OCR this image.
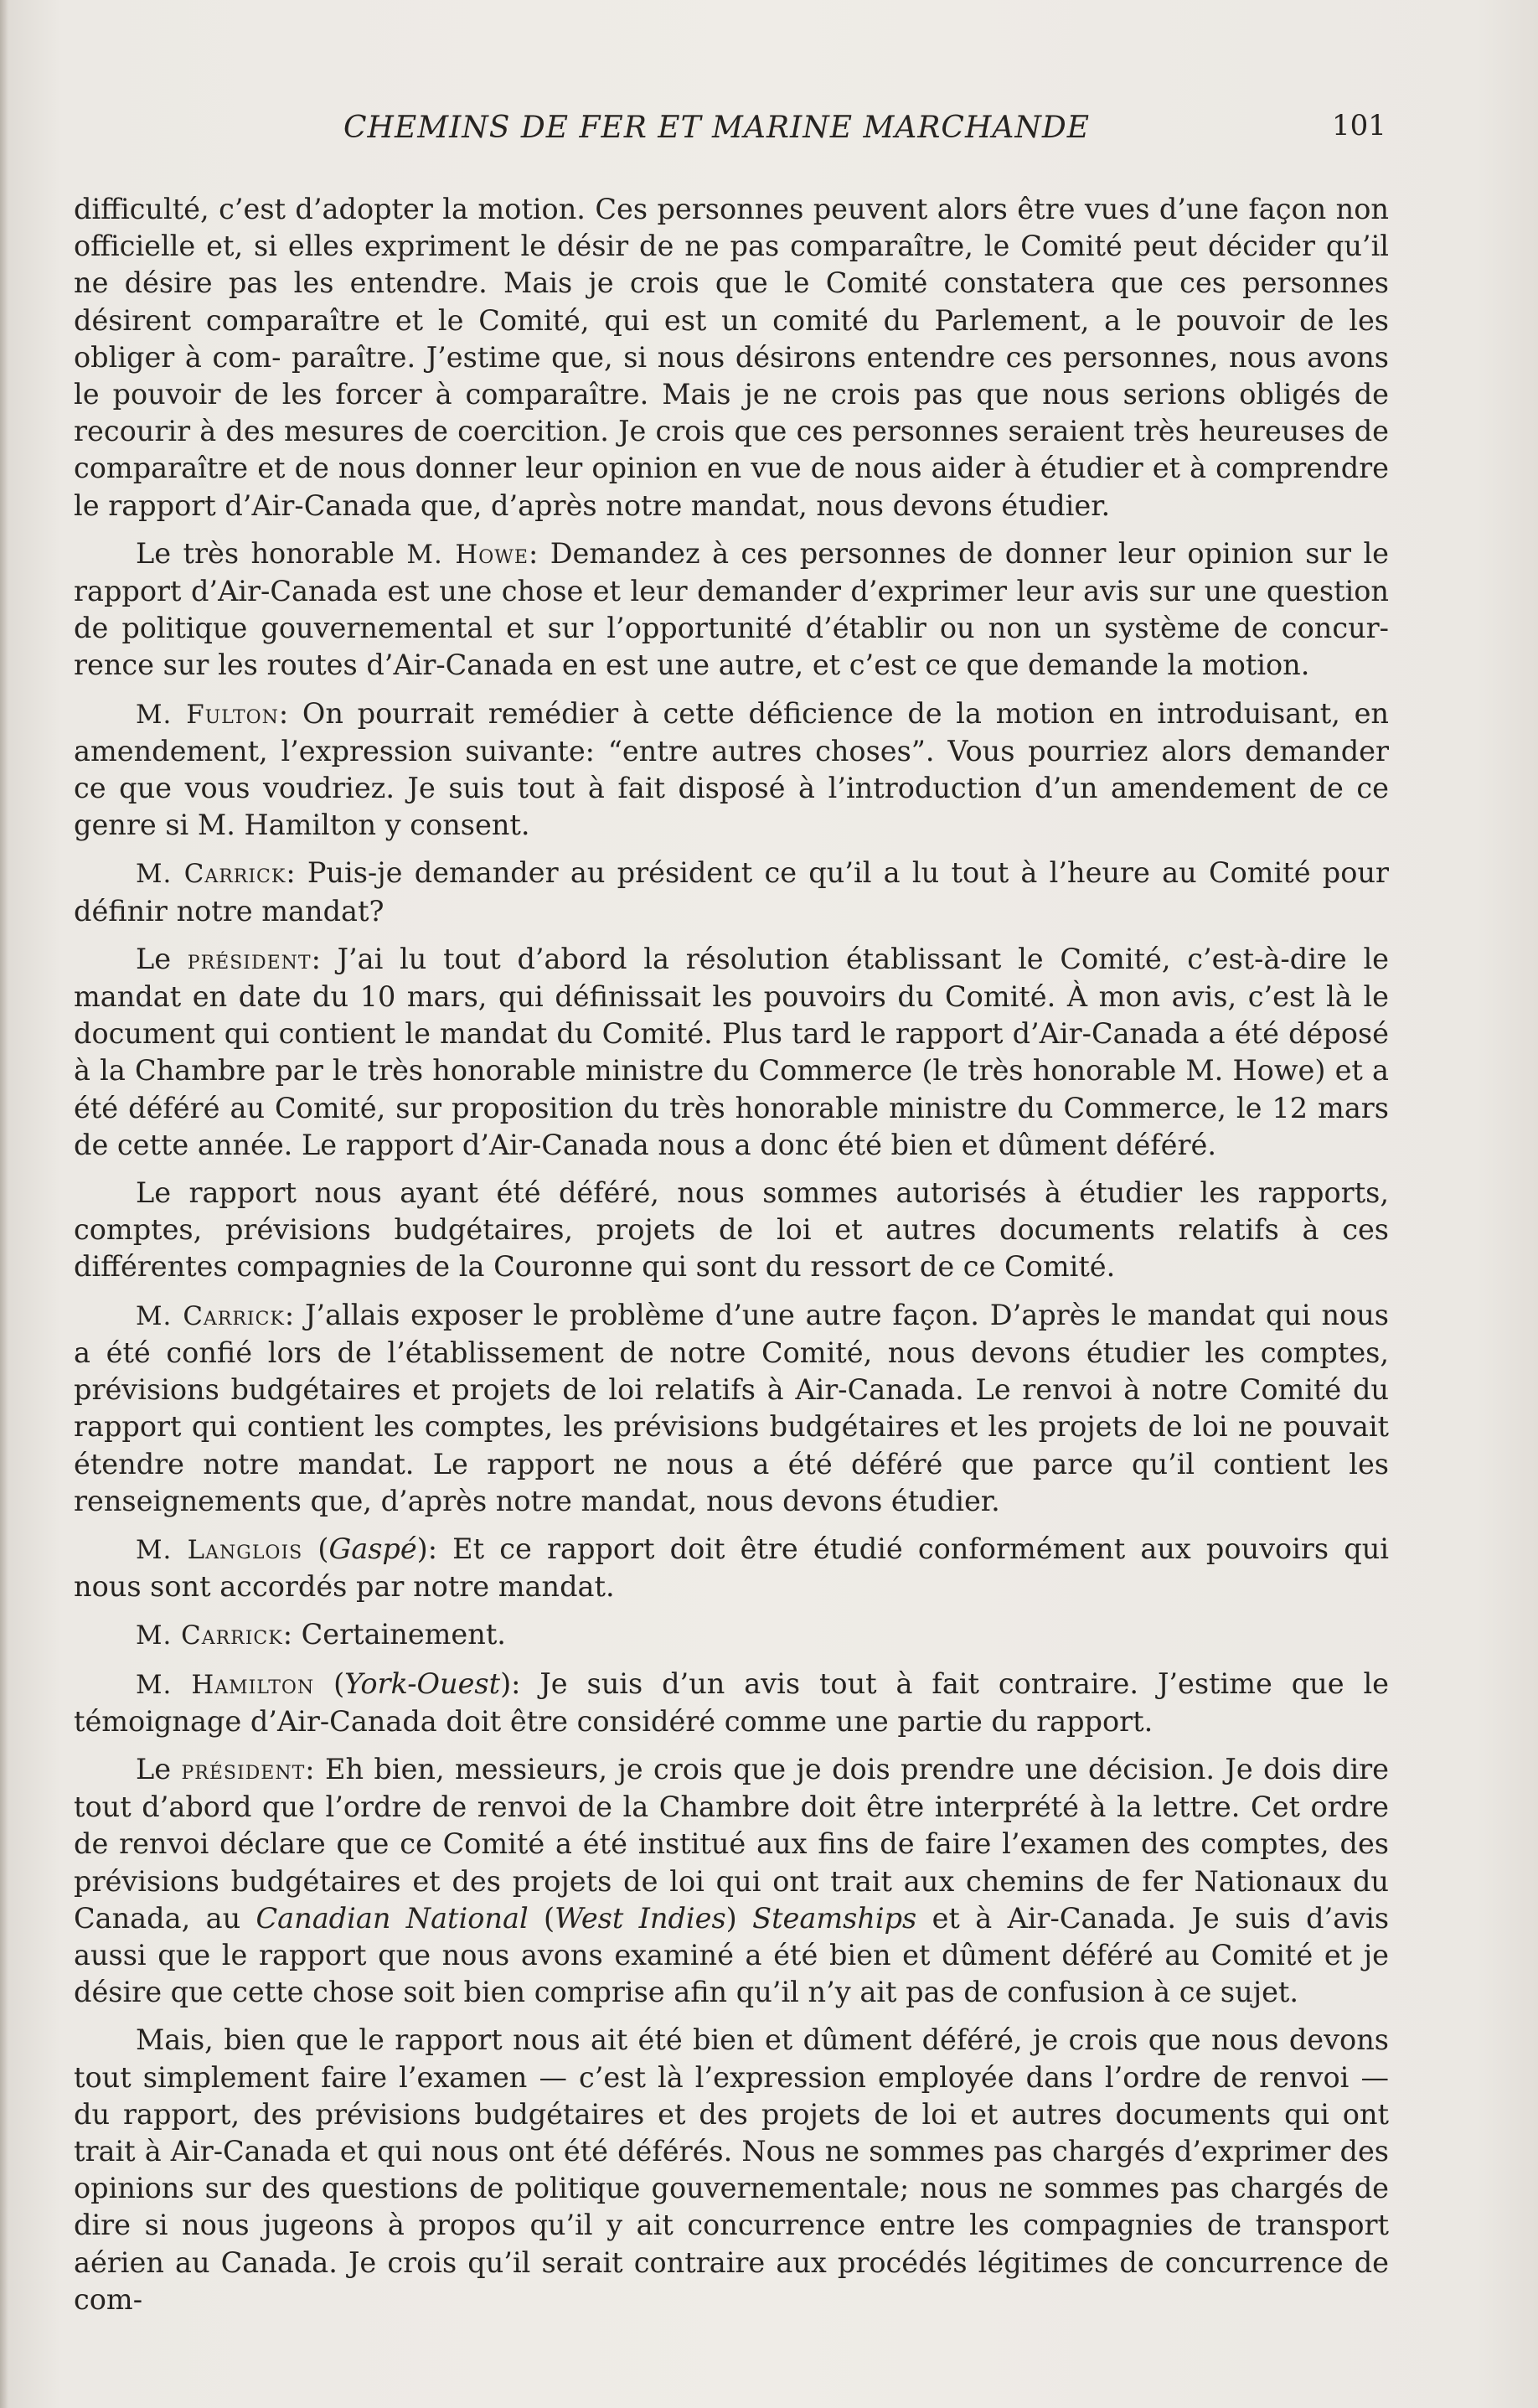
CHEMINS DE FER ET MARINE MARCHANDE	101

difficulté, c’est d’adopter la motion. Ces personnes peuvent alors être vues d’une façon non officielle et, si elles expriment le désir de ne pas comparaître, le Comité peut décider qu’il ne désire pas les entendre. Mais je crois que le Comité constatera que ces personnes désirent comparaître et le Comité, qui est un comité du Parlement, a le pouvoir de les obliger à com- paraître. J’estime que, si nous désirons entendre ces personnes, nous avons le pouvoir de les forcer à comparaître. Mais je ne crois pas que nous serions obligés de recourir à des mesures de coercition. Je crois que ces personnes seraient très heureuses de comparaître et de nous donner leur opinion en vue de nous aider à étudier et à comprendre le rapport d’Air-Canada que, d’après notre mandat, nous devons étudier.

Le très honorable M. Howe: Demandez à ces personnes de donner leur opinion sur le rapport d’Air-Canada est une chose et leur demander d’exprimer leur avis sur une question de politique gouvernemental et sur l’opportunité d’établir ou non un système de concur- rence sur les routes d’Air-Canada en est une autre, et c’est ce que demande la motion.

M. Fulton: On pourrait remédier à cette déficience de la motion en introduisant, en amendement, l’expression suivante: “entre autres choses”. Vous pourriez alors demander ce que vous voudriez. Je suis tout à fait disposé à l’introduction d’un amendement de ce genre si M. Hamilton y consent.

M. Carrick: Puis-je demander au président ce qu’il a lu tout à l’heure au Comité pour définir notre mandat?

Le président: J’ai lu tout d’abord la résolution établissant le Comité, c’est-à-dire le mandat en date du 10 mars, qui définissait les pouvoirs du Comité. À mon avis, c’est là le document qui contient le mandat du Comité. Plus tard le rapport d’Air-Canada a été déposé à la Chambre par le très honorable ministre du Commerce (le très honorable M. Howe) et a été déféré au Comité, sur proposition du très honorable ministre du Commerce, le 12 mars de cette année. Le rapport d’Air-Canada nous a donc été bien et dûment déféré.

Le rapport nous ayant été déféré, nous sommes autorisés à étudier les rapports, comptes, prévisions budgétaires, projets de loi et autres documents relatifs à ces différentes compagnies de la Couronne qui sont du ressort de ce Comité.

M. Carrick: J’allais exposer le problème d’une autre façon. D’après le mandat qui nous a été confié lors de l’établissement de notre Comité, nous devons étudier les comptes, prévisions budgétaires et projets de loi relatifs à Air-Canada. Le renvoi à notre Comité du rapport qui contient les comptes, les prévisions budgétaires et les projets de loi ne pouvait étendre notre mandat. Le rapport ne nous a été déféré que parce qu’il contient les renseignements que, d’après notre mandat, nous devons étudier.

M. Langlois (Gaspé): Et ce rapport doit être étudié conformément aux pouvoirs qui nous sont accordés par notre mandat.

M. Carrick: Certainement.

M. Hamilton (York-Ouest): Je suis d’un avis tout à fait contraire. J’estime que le témoignage d’Air-Canada doit être considéré comme une partie du rapport.

Le président: Eh bien, messieurs, je crois que je dois prendre une décision. Je dois dire tout d’abord que l’ordre de renvoi de la Chambre doit être interprété à la lettre. Cet ordre de renvoi déclare que ce Comité a été institué aux fins de faire l’examen des comptes, des prévisions budgétaires et des projets de loi qui ont trait aux chemins de fer Nationaux du Canada, au Canadian National (West Indies) Steamships et à Air-Canada. Je suis d’avis aussi que le rapport que nous avons examiné a été bien et dûment déféré au Comité et je désire que cette chose soit bien comprise afin qu’il n’y ait pas de confusion à ce sujet.

Mais, bien que le rapport nous ait été bien et dûment déféré, je crois que nous devons tout simplement faire l’examen — c’est là l’expression employée dans l’ordre de renvoi — du rapport, des prévisions budgétaires et des projets de loi et autres documents qui ont trait à Air-Canada et qui nous ont été déférés. Nous ne sommes pas chargés d’exprimer des opinions sur des questions de politique gouvernementale; nous ne sommes pas chargés de dire si nous jugeons à propos qu’il y ait concurrence entre les compagnies de transport aérien au Canada. Je crois qu’il serait contraire aux procédés légitimes de concurrence de com-
